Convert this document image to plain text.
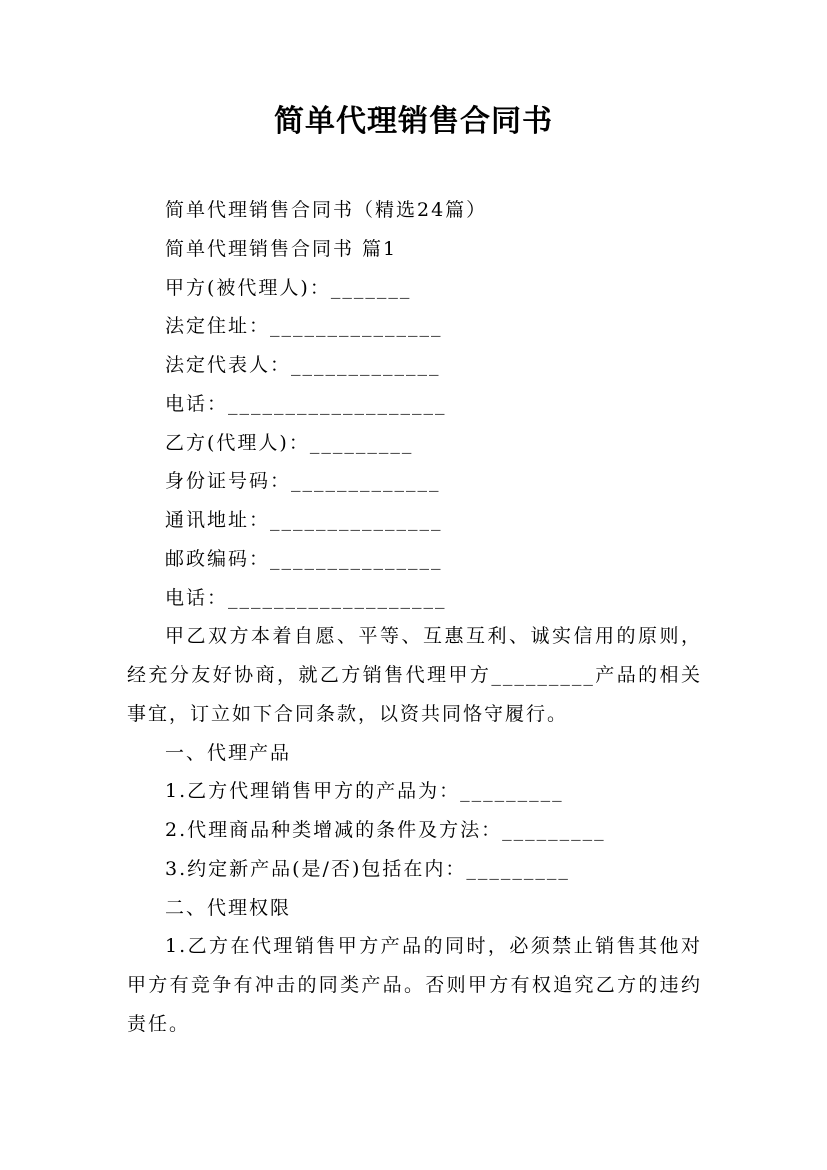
简单代理销售合同书

简单代理销售合同书（精选24篇）

简单代理销售合同书 篇1

甲方(被代理人)：_______

法定住址：_______________

法定代表人：_____________

电话：___________________

乙方(代理人)：_________

身份证号码：_____________

通讯地址：_______________

邮政编码：_______________

电话：___________________

甲乙双方本着自愿、平等、互惠互利、诚实信用的原则，经充分友好协商，就乙方销售代理甲方_________产品的相关事宜，订立如下合同条款，以资共同恪守履行。

一、代理产品

1.乙方代理销售甲方的产品为：_________

2.代理商品种类增减的条件及方法：_________

3.约定新产品(是/否)包括在内：_________

二、代理权限

1.乙方在代理销售甲方产品的同时，必须禁止销售其他对甲方有竞争有冲击的同类产品。否则甲方有权追究乙方的违约责任。
